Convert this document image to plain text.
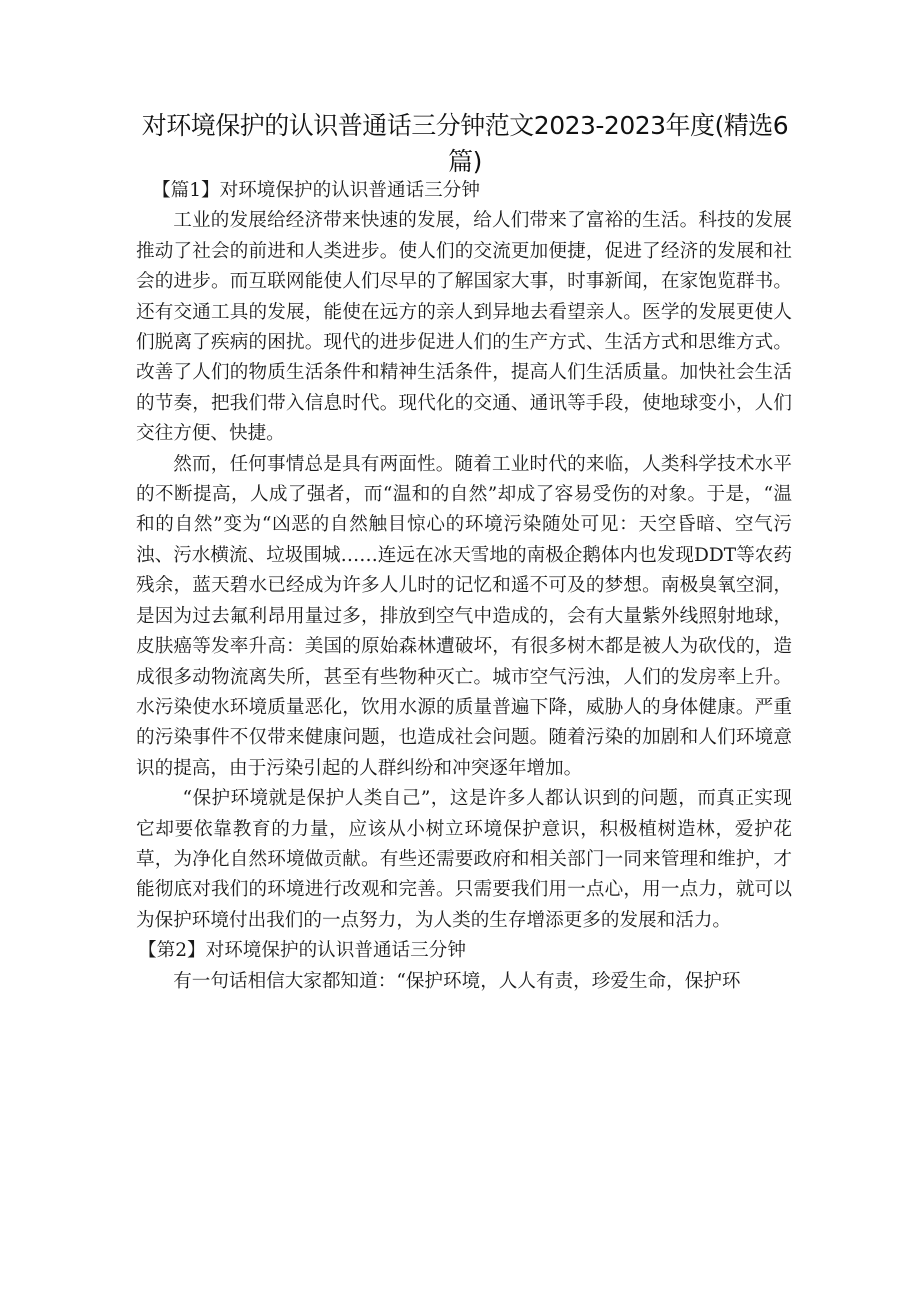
对环境保护的认识普通话三分钟范文2023-2023年度(精选6篇)

【篇1】对环境保护的认识普通话三分钟

工业的发展给经济带来快速的发展，给人们带来了富裕的生活。科技的发展推动了社会的前进和人类进步。使人们的交流更加便捷，促进了经济的发展和社会的进步。而互联网能使人们尽早的了解国家大事，时事新闻，在家饱览群书。还有交通工具的发展，能使在远方的亲人到异地去看望亲人。医学的发展更使人们脱离了疾病的困扰。现代的进步促进人们的生产方式、生活方式和思维方式。改善了人们的物质生活条件和精神生活条件，提高人们生活质量。加快社会生活的节奏，把我们带入信息时代。现代化的交通、通讯等手段，使地球变小，人们交往方便、快捷。

然而，任何事情总是具有两面性。随着工业时代的来临，人类科学技术水平的不断提高，人成了强者，而“温和的自然”却成了容易受伤的对象。于是，“温和的自然”变为“凶恶的自然触目惊心的环境污染随处可见：天空昏暗、空气污浊、污水横流、垃圾围城……连远在冰天雪地的南极企鹅体内也发现DDT等农药残余，蓝天碧水已经成为许多人儿时的记忆和遥不可及的梦想。南极臭氧空洞，是因为过去氟利昂用量过多，排放到空气中造成的，会有大量紫外线照射地球，皮肤癌等发率升高：美国的原始森林遭破坏，有很多树木都是被人为砍伐的，造成很多动物流离失所，甚至有些物种灭亡。城市空气污浊，人们的发房率上升。水污染使水环境质量恶化，饮用水源的质量普遍下降，威胁人的身体健康。严重的污染事件不仅带来健康问题，也造成社会问题。随着污染的加剧和人们环境意识的提高，由于污染引起的人群纠纷和冲突逐年增加。

“保护环境就是保护人类自己”，这是许多人都认识到的问题，而真正实现它却要依靠教育的力量，应该从小树立环境保护意识，积极植树造林，爱护花草，为净化自然环境做贡献。有些还需要政府和相关部门一同来管理和维护，才能彻底对我们的环境进行改观和完善。只需要我们用一点心，用一点力，就可以为保护环境付出我们的一点努力，为人类的生存增添更多的发展和活力。

【第2】对环境保护的认识普通话三分钟

有一句话相信大家都知道：“保护环境，人人有责，珍爱生命，保护环
